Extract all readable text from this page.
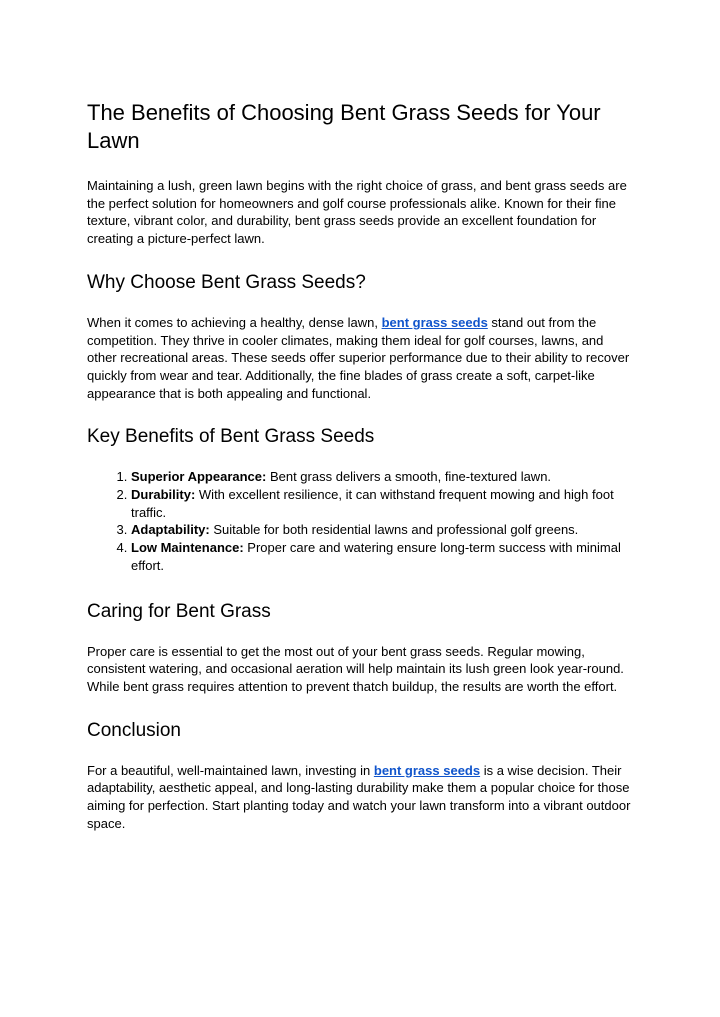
The Benefits of Choosing Bent Grass Seeds for Your Lawn

Maintaining a lush, green lawn begins with the right choice of grass, and bent grass seeds are the perfect solution for homeowners and golf course professionals alike. Known for their fine texture, vibrant color, and durability, bent grass seeds provide an excellent foundation for creating a picture-perfect lawn.

Why Choose Bent Grass Seeds?

When it comes to achieving a healthy, dense lawn, bent grass seeds stand out from the competition. They thrive in cooler climates, making them ideal for golf courses, lawns, and other recreational areas. These seeds offer superior performance due to their ability to recover quickly from wear and tear. Additionally, the fine blades of grass create a soft, carpet-like appearance that is both appealing and functional.

Key Benefits of Bent Grass Seeds
1. Superior Appearance: Bent grass delivers a smooth, fine-textured lawn.
2. Durability: With excellent resilience, it can withstand frequent mowing and high foot traffic.
3. Adaptability: Suitable for both residential lawns and professional golf greens.
4. Low Maintenance: Proper care and watering ensure long-term success with minimal effort.
Caring for Bent Grass

Proper care is essential to get the most out of your bent grass seeds. Regular mowing, consistent watering, and occasional aeration will help maintain its lush green look year-round. While bent grass requires attention to prevent thatch buildup, the results are worth the effort.

Conclusion

For a beautiful, well-maintained lawn, investing in bent grass seeds is a wise decision. Their adaptability, aesthetic appeal, and long-lasting durability make them a popular choice for those aiming for perfection. Start planting today and watch your lawn transform into a vibrant outdoor space.
